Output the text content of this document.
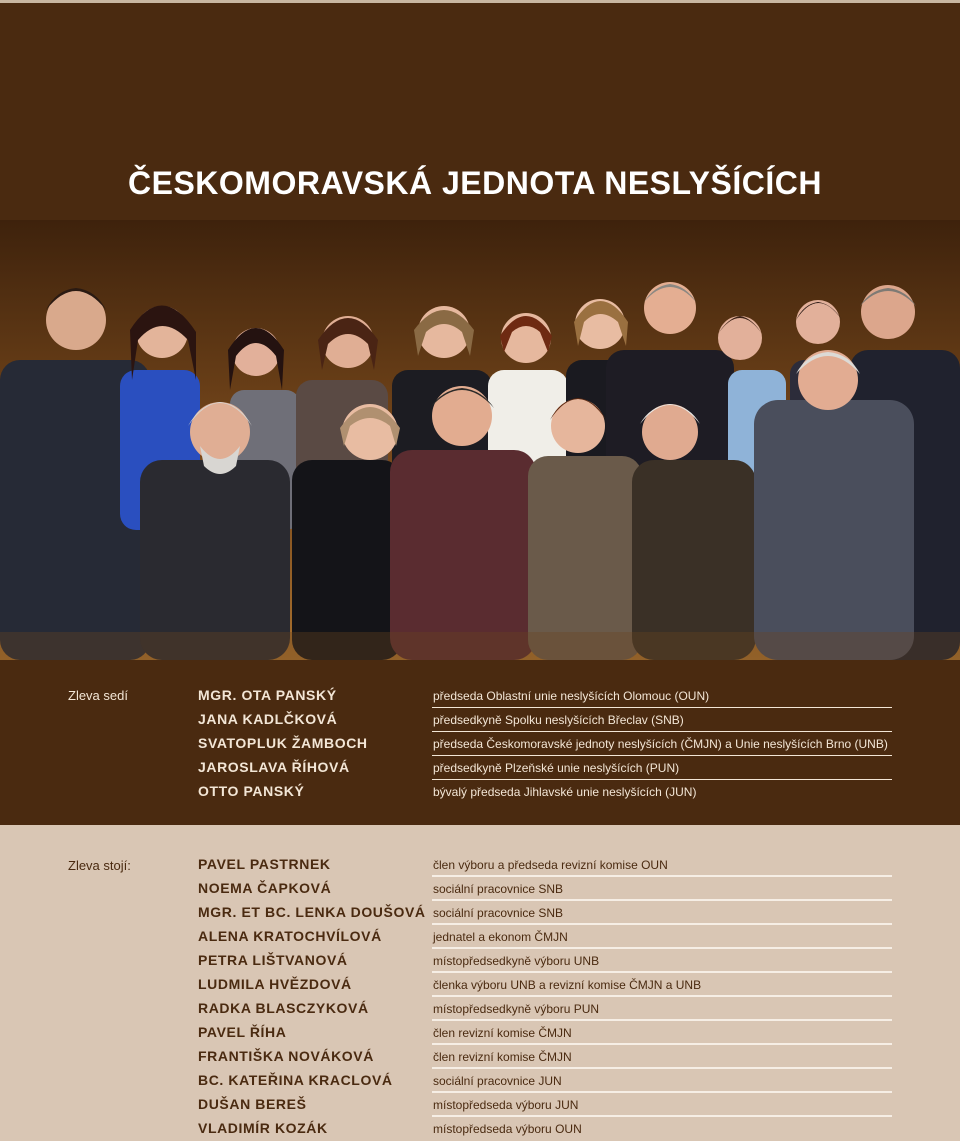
ČESKOMORAVSKÁ JEDNOTA NESLYŠÍCÍCH
Zleva sedí	MGR. OTA PANSKÝ	předseda Oblastní unie neslyšících Olomouc (OUN)
JANA KADLČKOVÁ	předsedkyně Spolku neslyšících Břeclav (SNB)
SVATOPLUK ŽAMBOCH	předseda Českomoravské jednoty neslyšících (ČMJN) a Unie neslyšících Brno (UNB)
JAROSLAVA ŘÍHOVÁ	předsedkyně Plzeňské unie neslyšících (PUN)
OTTO PANSKÝ	bývalý předseda Jihlavské unie neslyšících (JUN)
Zleva stojí:	PAVEL PASTRNEK	člen výboru a předseda revizní komise OUN
NOEMA ČAPKOVÁ	sociální pracovnice SNB
MGR. ET BC. LENKA DOUŠOVÁ sociální pracovnice SNB
ALENA KRATOCHVÍLOVÁ	jednatel a ekonom ČMJN
PETRA LIŠTVANOVÁ	místopředsedkyně výboru UNB
LUDMILA HVĚZDOVÁ	členka výboru UNB a revizní komise ČMJN a UNB
RADKA BLASCZYKOVÁ	místopředsedkyně výboru PUN
PAVEL ŘÍHA	člen revizní komise ČMJN
FRANTIŠKA NOVÁKOVÁ	člen revizní komise ČMJN
BC. KATEŘINA KRACLOVÁ	sociální pracovnice JUN
DUŠAN BEREŠ	místopředseda výboru JUN
VLADIMÍR KOZÁK	místopředseda výboru OUN
